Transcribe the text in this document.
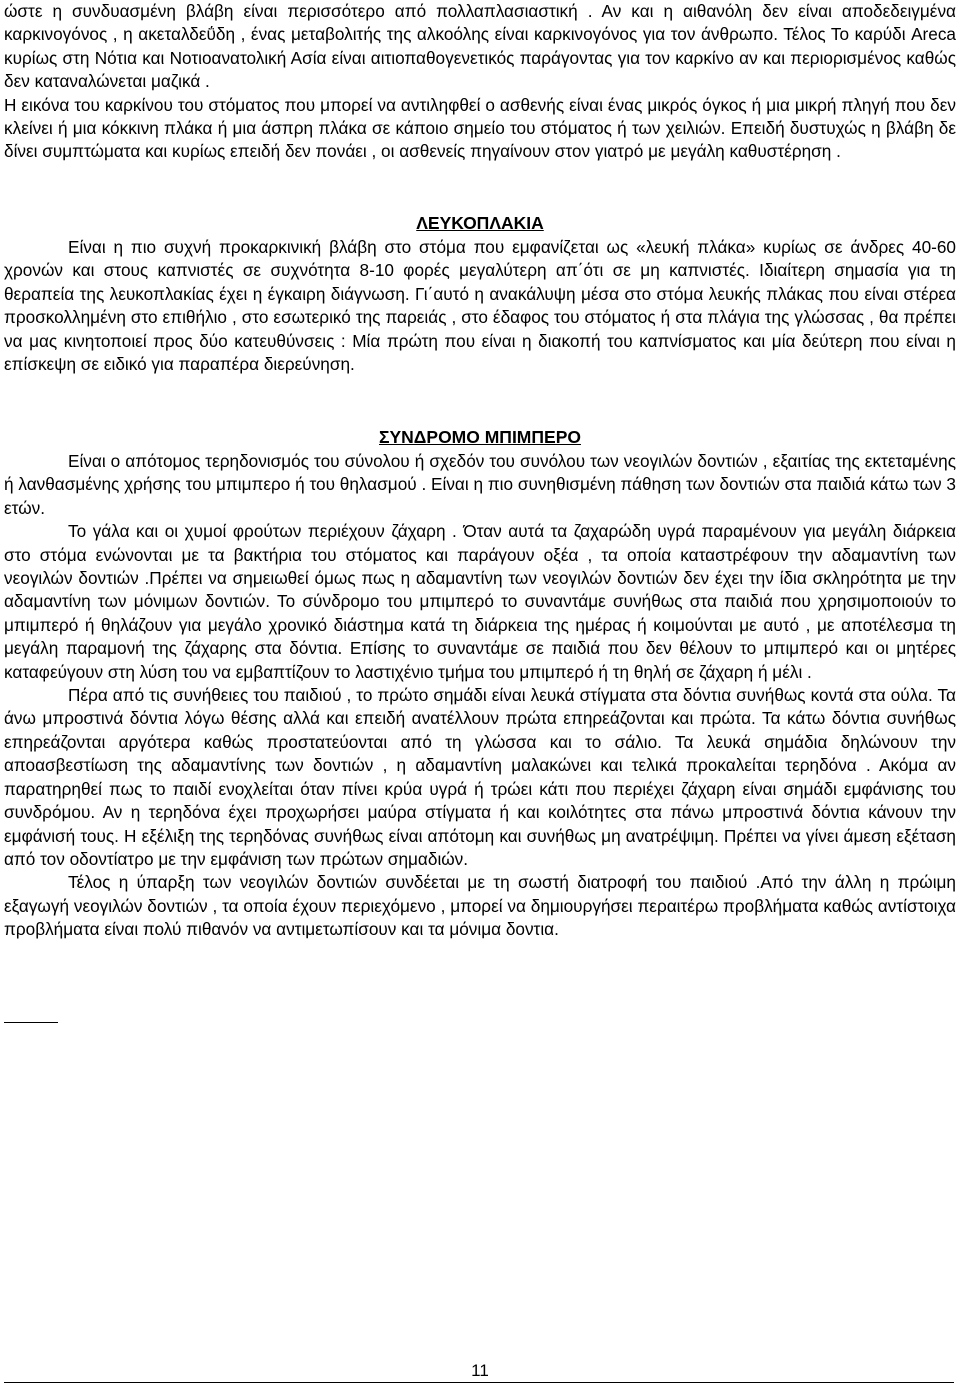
ώστε η συνδυασμένη βλάβη είναι περισσότερο από πολλαπλασιαστική . Αν και η αιθανόλη δεν είναι αποδεδειγμένα καρκινογόνος , η ακεταλδεΰδη , ένας μεταβολιτής της αλκοόλης είναι καρκινογόνος για τον άνθρωπο. Τέλος Το καρύδι Areca κυρίως στη Νότια και Νοτιοανατολική Ασία είναι αιτιοπαθογενετικός παράγοντας για τον καρκίνο αν και περιορισμένος καθώς δεν καταναλώνεται μαζικά .

Η εικόνα του καρκίνου του στόματος που μπορεί να αντιληφθεί ο ασθενής είναι ένας μικρός όγκος ή μια μικρή πληγή που δεν κλείνει ή μια κόκκινη πλάκα ή μια άσπρη πλάκα σε κάποιο σημείο του στόματος ή των χειλιών. Επειδή δυστυχώς η βλάβη δε δίνει συμπτώματα και κυρίως επειδή δεν πονάει , οι ασθενείς πηγαίνουν στον γιατρό με μεγάλη καθυστέρηση .

ΛΕΥΚΟΠΛΑΚΙΑ

Είναι η πιο συχνή προκαρκινική βλάβη στο στόμα που εμφανίζεται ως «λευκή πλάκα» κυρίως σε άνδρες 40-60 χρονών και στους καπνιστές σε συχνότητα 8-10 φορές μεγαλύτερη απ΄ότι σε μη καπνιστές. Ιδιαίτερη σημασία για τη θεραπεία της λευκοπλακίας έχει η έγκαιρη διάγνωση. Γι΄αυτό η ανακάλυψη μέσα στο στόμα λευκής πλάκας που είναι στέρεα προσκολλημένη στο επιθήλιο , στο εσωτερικό της παρειάς , στο έδαφος του στόματος ή στα πλάγια της γλώσσας , θα πρέπει να μας κινητοποιεί προς δύο κατευθύνσεις : Μία πρώτη που είναι η διακοπή του καπνίσματος και μία δεύτερη που είναι η επίσκεψη σε ειδικό για παραπέρα διερεύνηση.

ΣΥΝΔΡΟΜΟ ΜΠΙΜΠΕΡΟ

Είναι ο απότομος τερηδονισμός του σύνολου ή σχεδόν του συνόλου των νεογιλών δοντιών , εξαιτίας της εκτεταμένης ή λανθασμένης χρήσης του μπιμπερο ή του θηλασμού . Είναι η πιο συνηθισμένη πάθηση των δοντιών στα παιδιά κάτω των 3 ετών.

Το γάλα και οι χυμοί φρούτων περιέχουν ζάχαρη . Όταν αυτά τα ζαχαρώδη υγρά παραμένουν για μεγάλη διάρκεια στο στόμα ενώνονται με τα βακτήρια του στόματος και παράγουν οξέα , τα οποία καταστρέφουν την αδαμαντίνη των νεογιλών δοντιών .Πρέπει να σημειωθεί όμως πως η αδαμαντίνη των νεογιλών δοντιών δεν έχει την ίδια σκληρότητα με την αδαμαντίνη των μόνιμων δοντιών. Το σύνδρομο του μπιμπερό το συναντάμε συνήθως στα παιδιά που χρησιμοποιούν το μπιμπερό ή θηλάζουν για μεγάλο χρονικό διάστημα κατά τη διάρκεια της ημέρας ή κοιμούνται με αυτό , με αποτέλεσμα τη μεγάλη παραμονή της ζάχαρης στα δόντια. Επίσης το συναντάμε σε παιδιά που δεν θέλουν το μπιμπερό και οι μητέρες καταφεύγουν στη λύση του να εμβαπτίζουν το λαστιχένιο τμήμα του μπιμπερό ή τη θηλή σε ζάχαρη ή μέλι .

Πέρα από τις συνήθειες του παιδιού , το πρώτο σημάδι είναι λευκά στίγματα στα δόντια συνήθως κοντά στα ούλα. Τα άνω μπροστινά δόντια λόγω θέσης αλλά και επειδή ανατέλλουν πρώτα επηρεάζονται και πρώτα. Τα κάτω δόντια συνήθως επηρεάζονται αργότερα καθώς προστατεύονται από τη γλώσσα και το σάλιο. Τα λευκά σημάδια δηλώνουν την αποασβεστίωση της αδαμαντίνης των δοντιών , η αδαμαντίνη μαλακώνει και τελικά προκαλείται τερηδόνα . Ακόμα αν παρατηρηθεί πως το παιδί ενοχλείται όταν πίνει κρύα υγρά ή τρώει κάτι που περιέχει ζάχαρη είναι σημάδι εμφάνισης του συνδρόμου. Αν η τερηδόνα έχει προχωρήσει μαύρα στίγματα ή και κοιλότητες στα πάνω μπροστινά δόντια κάνουν την εμφάνισή τους. Η εξέλιξη της τερηδόνας συνήθως είναι απότομη και συνήθως μη ανατρέψιμη. Πρέπει να γίνει άμεση εξέταση από τον οδοντίατρο με την εμφάνιση των πρώτων σημαδιών.

Τέλος η ύπαρξη των νεογιλών δοντιών συνδέεται με τη σωστή διατροφή του παιδιού .Από την άλλη η πρώιμη εξαγωγή νεογιλών δοντιών , τα οποία έχουν περιεχόμενο , μπορεί να δημιουργήσει περαιτέρω προβλήματα καθώς αντίστοιχα προβλήματα είναι πολύ πιθανόν να αντιμετωπίσουν και τα μόνιμα δοντια.

11
